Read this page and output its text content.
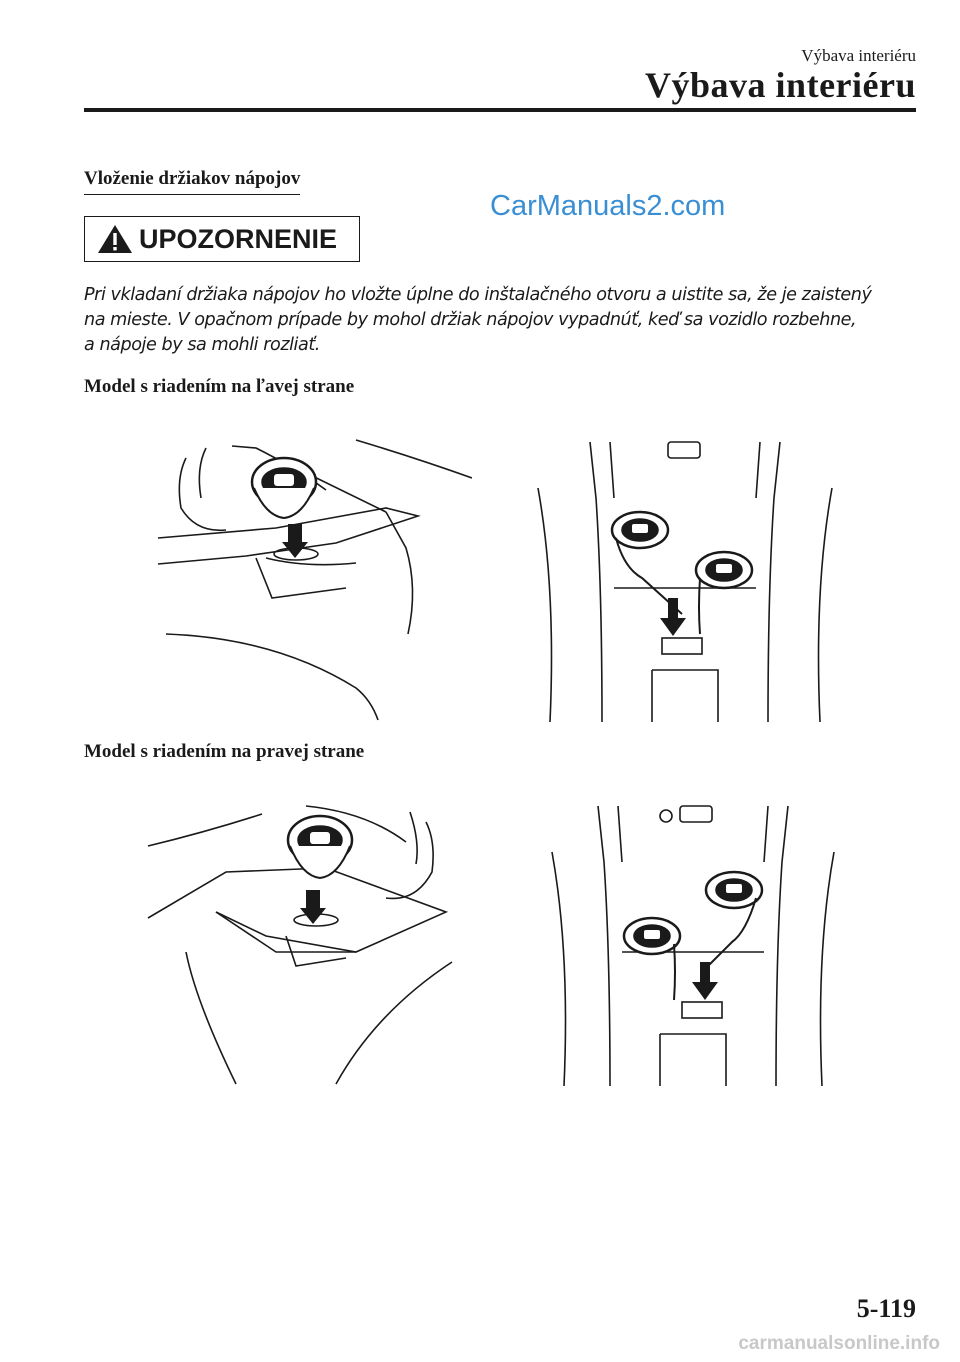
Výbava interiéru
Výbava interiéru
Vloženie držiakov nápojov
CarManuals2.com
UPOZORNENIE
Pri vkladaní držiaka nápojov ho vložte úplne do inštalačného otvoru a uistite sa, že je zaistený
na mieste. V opačnom prípade by mohol držiak nápojov vypadnúť, keď sa vozidlo rozbehne,
a nápoje by sa mohli rozliať.
Model s riadením na ľavej strane
Model s riadením na pravej strane
5-119
carmanualsonline.info
